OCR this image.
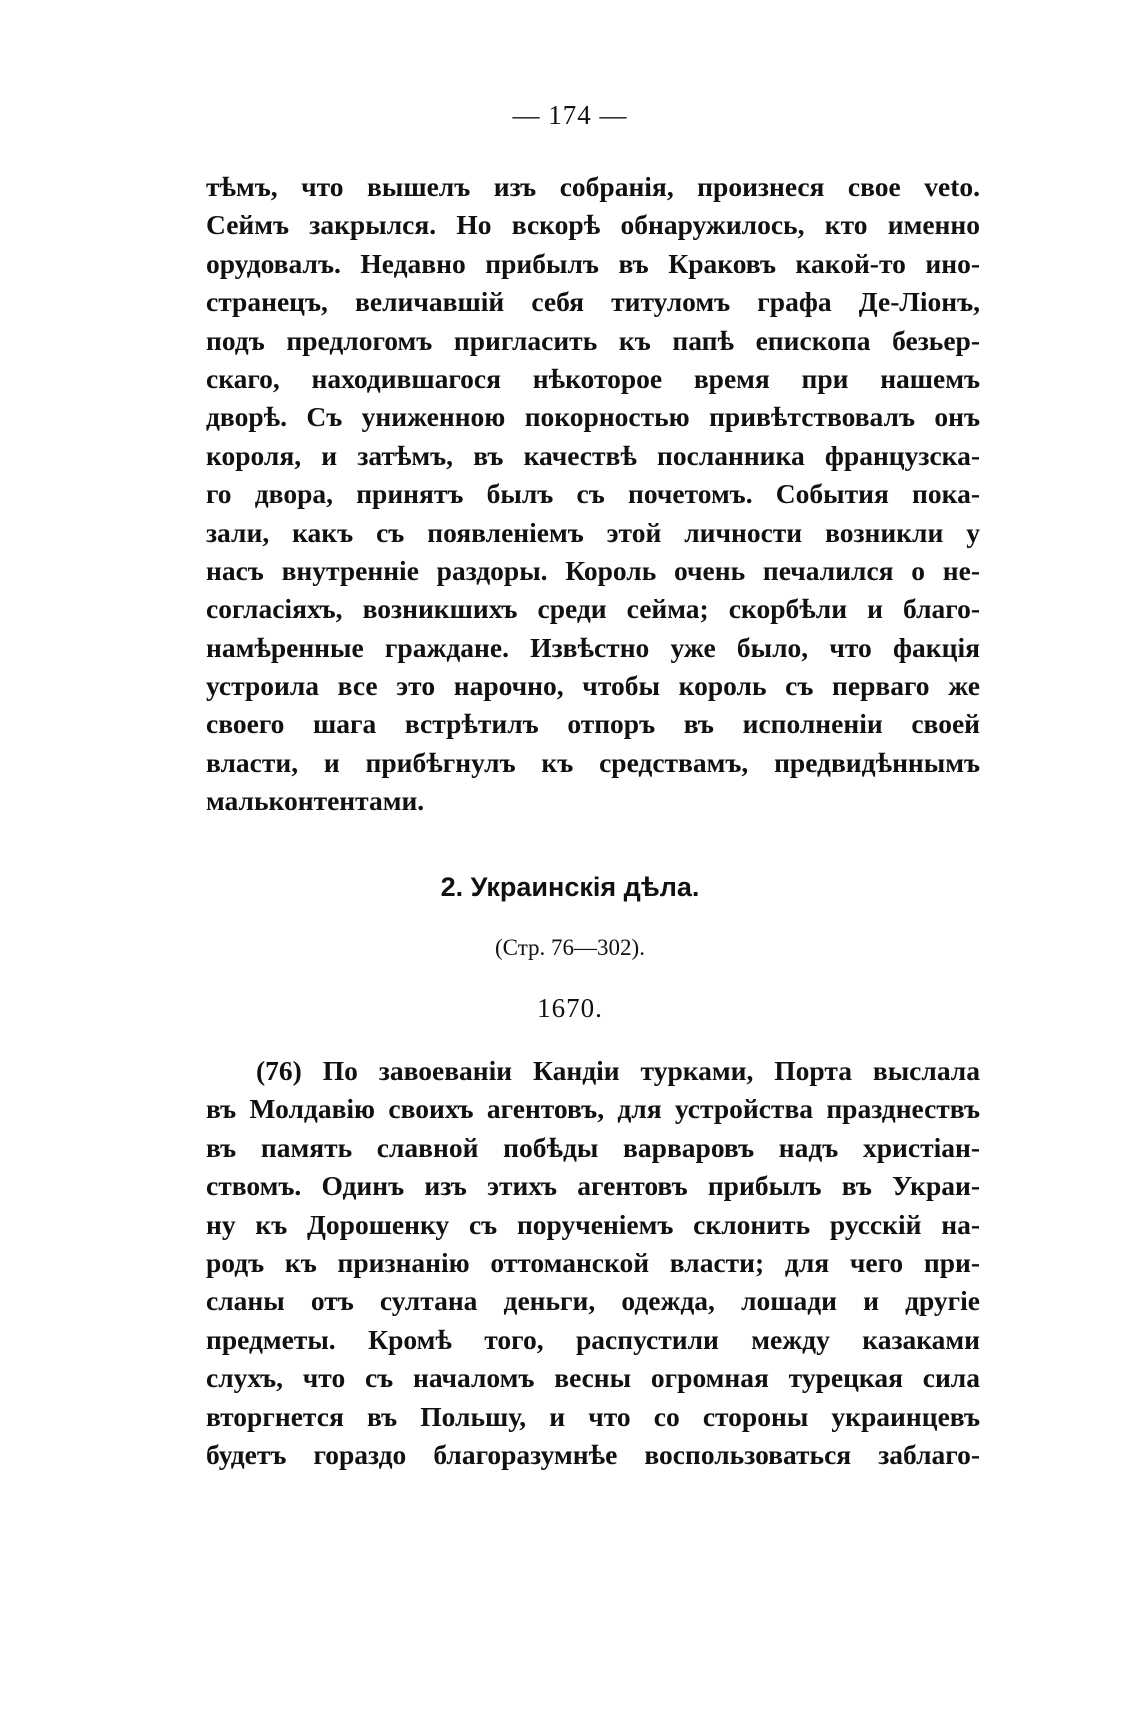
— 174 —
тѣмъ, что вышелъ изъ собранія, произнеся свое veto.
Сеймъ закрылся. Но вскорѣ обнаружилось, кто именно
орудовалъ. Недавно прибылъ въ Краковъ какой-то ино-
странецъ, величавшій себя титуломъ графа Де-Ліонъ,
подъ предлогомъ пригласить къ папѣ епископа безьер-
скаго, находившагося нѣкоторое время при нашемъ
дворѣ. Съ униженною покорностью привѣтствовалъ онъ
короля, и затѣмъ, въ качествѣ посланника французска-
го двора, принятъ былъ съ почетомъ. События пока-
зали, какъ съ появленіемъ этой личности возникли у
насъ внутренніе раздоры. Король очень печалился о не-
согласіяхъ, возникшихъ среди сейма; скорбѣли и благо-
намѣренные граждане. Извѣстно уже было, что факція
устроила все это нарочно, чтобы король съ перваго же
своего шага встрѣтилъ отпоръ въ исполненіи своей
власти, и прибѣгнулъ къ средствамъ, предвидѣннымъ
мальконтентами.
2. Украинскія дѣла.
(Стр. 76—302).
1670.
(76) По завоеваніи Кандіи турками, Порта выслала
въ Молдавію своихъ агентовъ, для устройства празднествъ
въ память славной побѣды варваровъ надъ христіан-
ствомъ. Одинъ изъ этихъ агентовъ прибылъ въ Украи-
ну къ Дорошенку съ порученіемъ склонить русскій на-
родъ къ признанію оттоманской власти; для чего при-
сланы отъ султана деньги, одежда, лошади и другіе
предметы. Кромѣ того, распустили между казаками
слухъ, что съ началомъ весны огромная турецкая сила
вторгнется въ Польшу, и что со стороны украинцевъ
будетъ гораздо благоразумнѣе воспользоваться заблаго-
